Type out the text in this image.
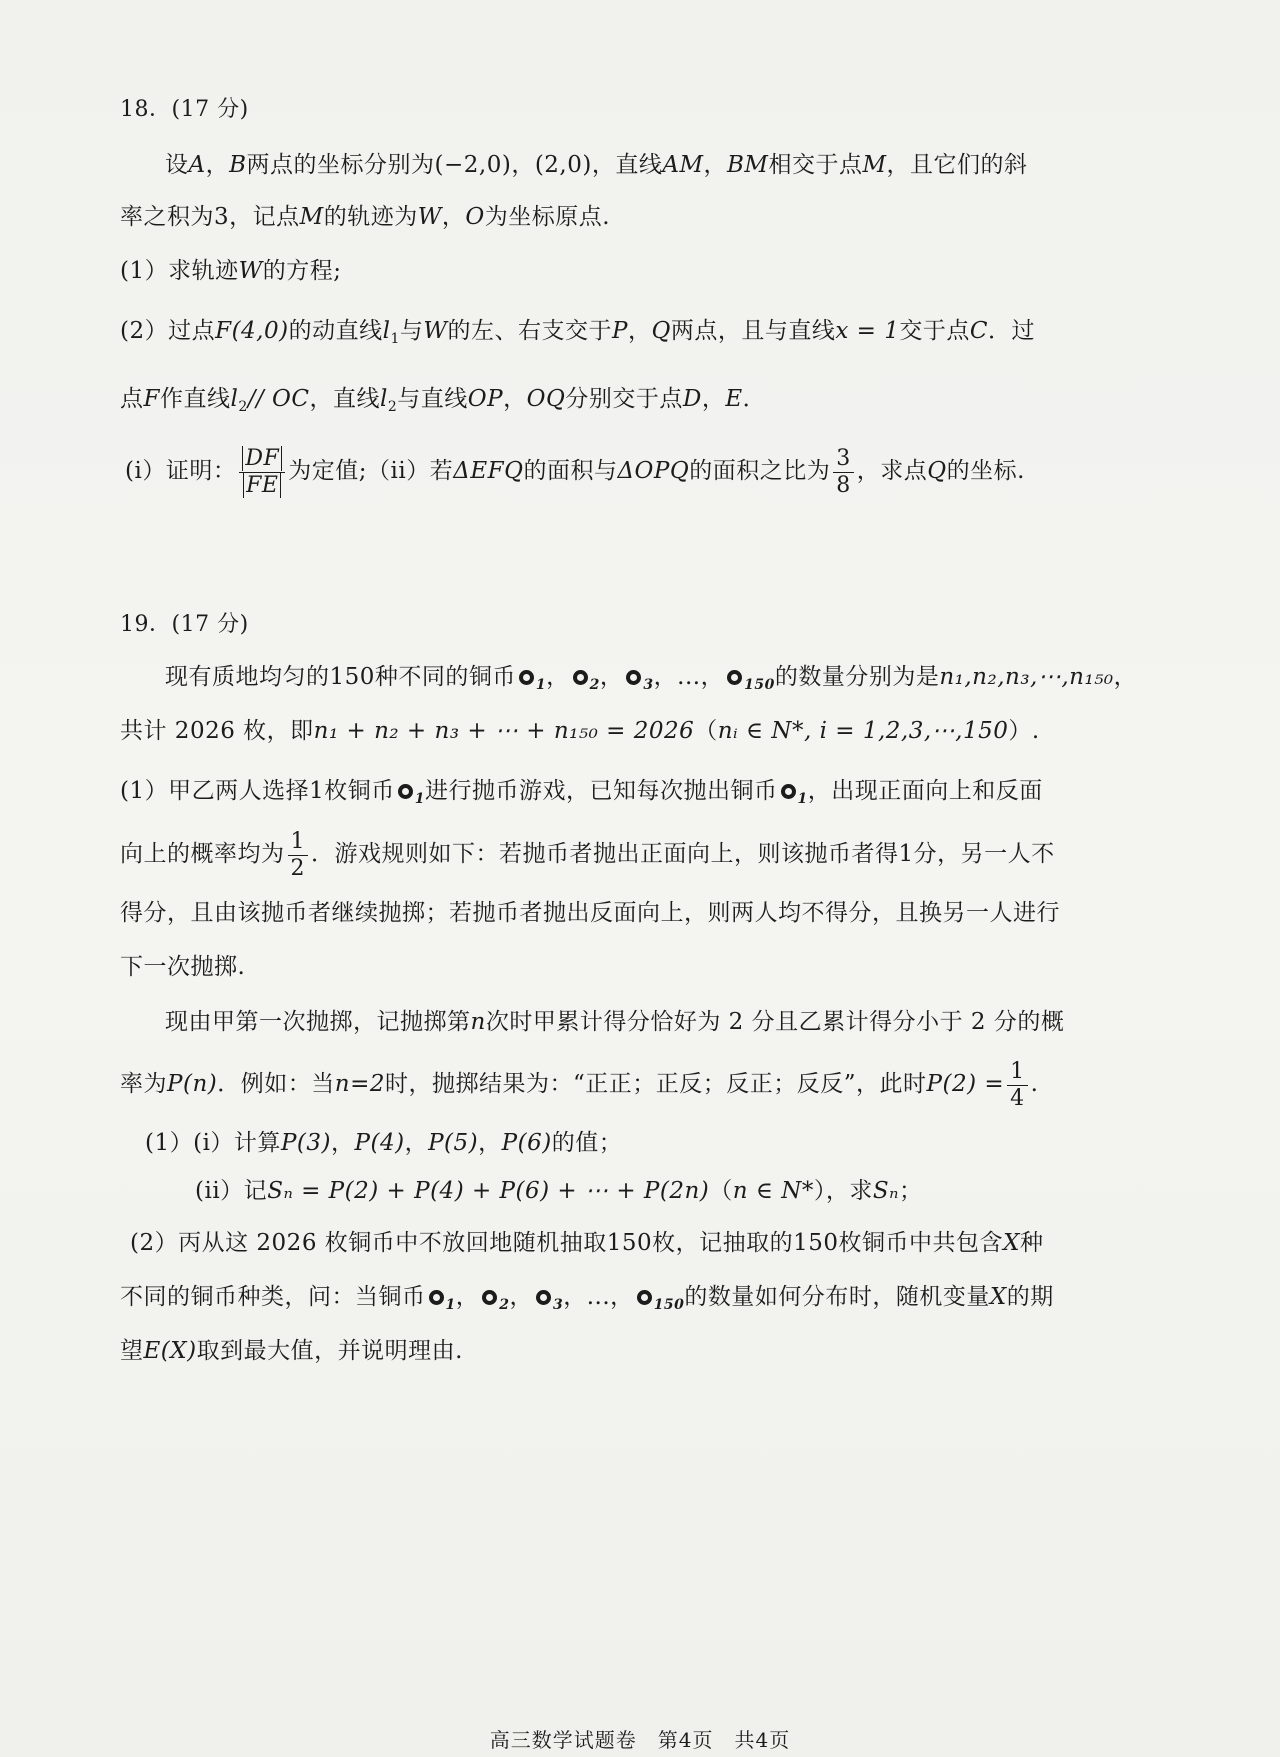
18．(17 分)
设A，B两点的坐标分别为(−2,0)，(2,0)，直线AM，BM相交于点M，且它们的斜
率之积为3，记点M的轨迹为W，O为坐标原点.
(1）求轨迹W的方程;
(2）过点F(4,0)的动直线$l_1$与W的左、右支交于P，Q两点，且与直线x = 1交于点C．过
点F作直线$l_2//$ OC，直线$l_2$与直线OP，OQ分别交于点D，E．
(i）证明： $\frac{DF}{FE}$ 为定值;（ii）若ΔEFQ的面积与ΔOPQ的面积之比为 $\frac{3}{8}$ ，求点Q的坐标.
19．(17 分)
现有质地均匀的150种不同的铜币 $_1$， $_2$， $_3$，...， $_{150}$的数量分别为是n₁,n₂,n₃,⋯,n₁₅₀，
共计 2026 枚，即n₁ + n₂ + n₃ + ⋯ + n₁₅₀ = 2026（nᵢ ∈ N*, i = 1,2,3,⋯,150）.
(1）甲乙两人选择1枚铜币 $_1$进行抛币游戏，已知每次抛出铜币 $_1$，出现正面向上和反面
向上的概率均为 $\frac{1}{2}$ ．游戏规则如下：若抛币者抛出正面向上，则该抛币者得1分，另一人不
得分，且由该抛币者继续抛掷；若抛币者抛出反面向上，则两人均不得分，且换另一人进行
下一次抛掷.
现由甲第一次抛掷，记抛掷第n次时甲累计得分恰好为 2 分且乙累计得分小于 2 分的概
率为P(n)．例如：当n=2时，抛掷结果为：“正正；正反；反正；反反”，此时$P(2) = \frac{1}{4}$ .
(1）(i）计算P(3)，P(4)，P(5)，P(6)的值；
(ii）记Sₙ = P(2) + P(4) + P(6) + ⋯ + P(2n)（n ∈ N*），求Sₙ；
(2）丙从这 2026 枚铜币中不放回地随机抽取150枚，记抽取的150枚铜币中共包含X种
不同的铜币种类，问：当铜币 $_1$， $_2$， $_3$，...， $_{150}$的数量如何分布时，随机变量X的期
望E(X)取到最大值，并说明理由.
高三数学试题卷　第4页　共4页
